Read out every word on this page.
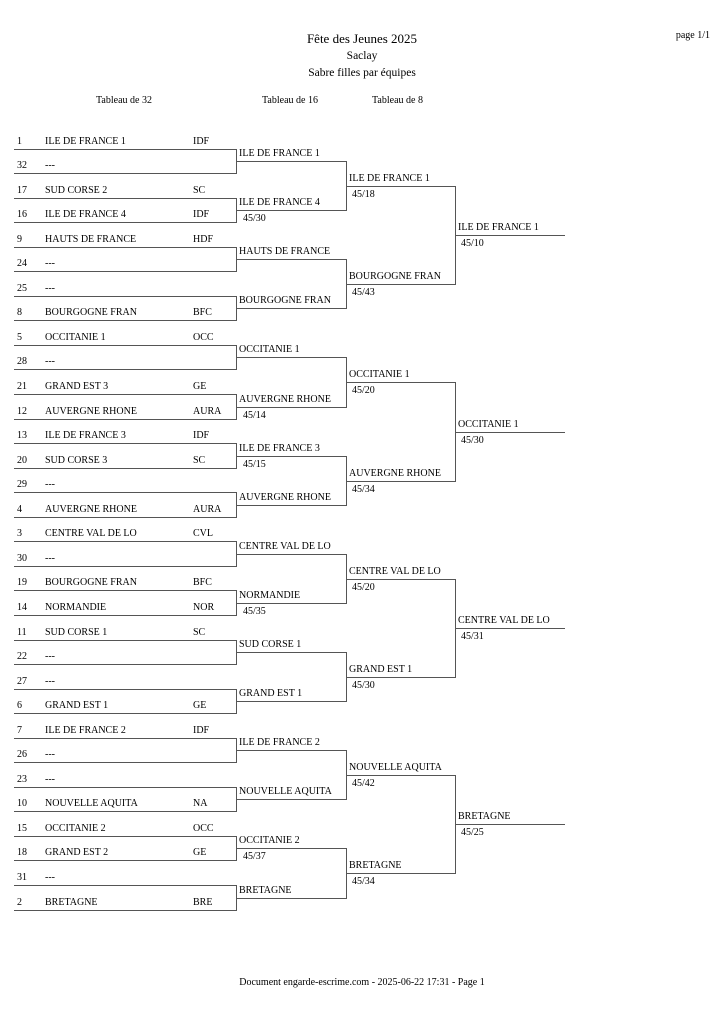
Fête des Jeunes 2025
Saclay
Sabre filles par équipes
page 1/1
Tableau de 32	Tableau de 16	Tableau de 8
1 ILE DE FRANCE 1	IDF
32 ---
17 SUD CORSE 2	SC
16 ILE DE FRANCE 4	IDF
9 HAUTS DE FRANCE	HDF
24 ---
25 ---
8 BOURGOGNE FRAN	BFC
5 OCCITANIE 1	OCC
28 ---
21 GRAND EST 3	GE
12 AUVERGNE RHONE	AURA
13 ILE DE FRANCE 3	IDF
20 SUD CORSE 3	SC
29 ---
4 AUVERGNE RHONE	AURA
3 CENTRE VAL DE LO	CVL
30 ---
19 BOURGOGNE FRAN	BFC
14 NORMANDIE	NOR
11 SUD CORSE 1	SC
22 ---
27 ---
6 GRAND EST 1	GE
7 ILE DE FRANCE 2	IDF
26 ---
23 ---
10 NOUVELLE AQUITA	NA
15 OCCITANIE 2	OCC
18 GRAND EST 2	GE
31 ---
2 BRETAGNE	BRE
ILE DE FRANCE 1
ILE DE FRANCE 4
45/30
HAUTS DE FRANCE
BOURGOGNE FRAN
OCCITANIE 1
AUVERGNE RHONE
45/14
ILE DE FRANCE 3
45/15
AUVERGNE RHONE
CENTRE VAL DE LO
NORMANDIE
45/35
SUD CORSE 1
GRAND EST 1
ILE DE FRANCE 2
NOUVELLE AQUITA
OCCITANIE 2
45/37
BRETAGNE
ILE DE FRANCE 1
45/18
BOURGOGNE FRAN
45/43
OCCITANIE 1
45/20
AUVERGNE RHONE
45/34
CENTRE VAL DE LO
45/20
GRAND EST 1
45/30
NOUVELLE AQUITA
45/42
BRETAGNE
45/34
ILE DE FRANCE 1
45/10
OCCITANIE 1
45/30
CENTRE VAL DE LO
45/31
BRETAGNE
45/25
Document engarde-escrime.com - 2025-06-22 17:31 - Page 1
